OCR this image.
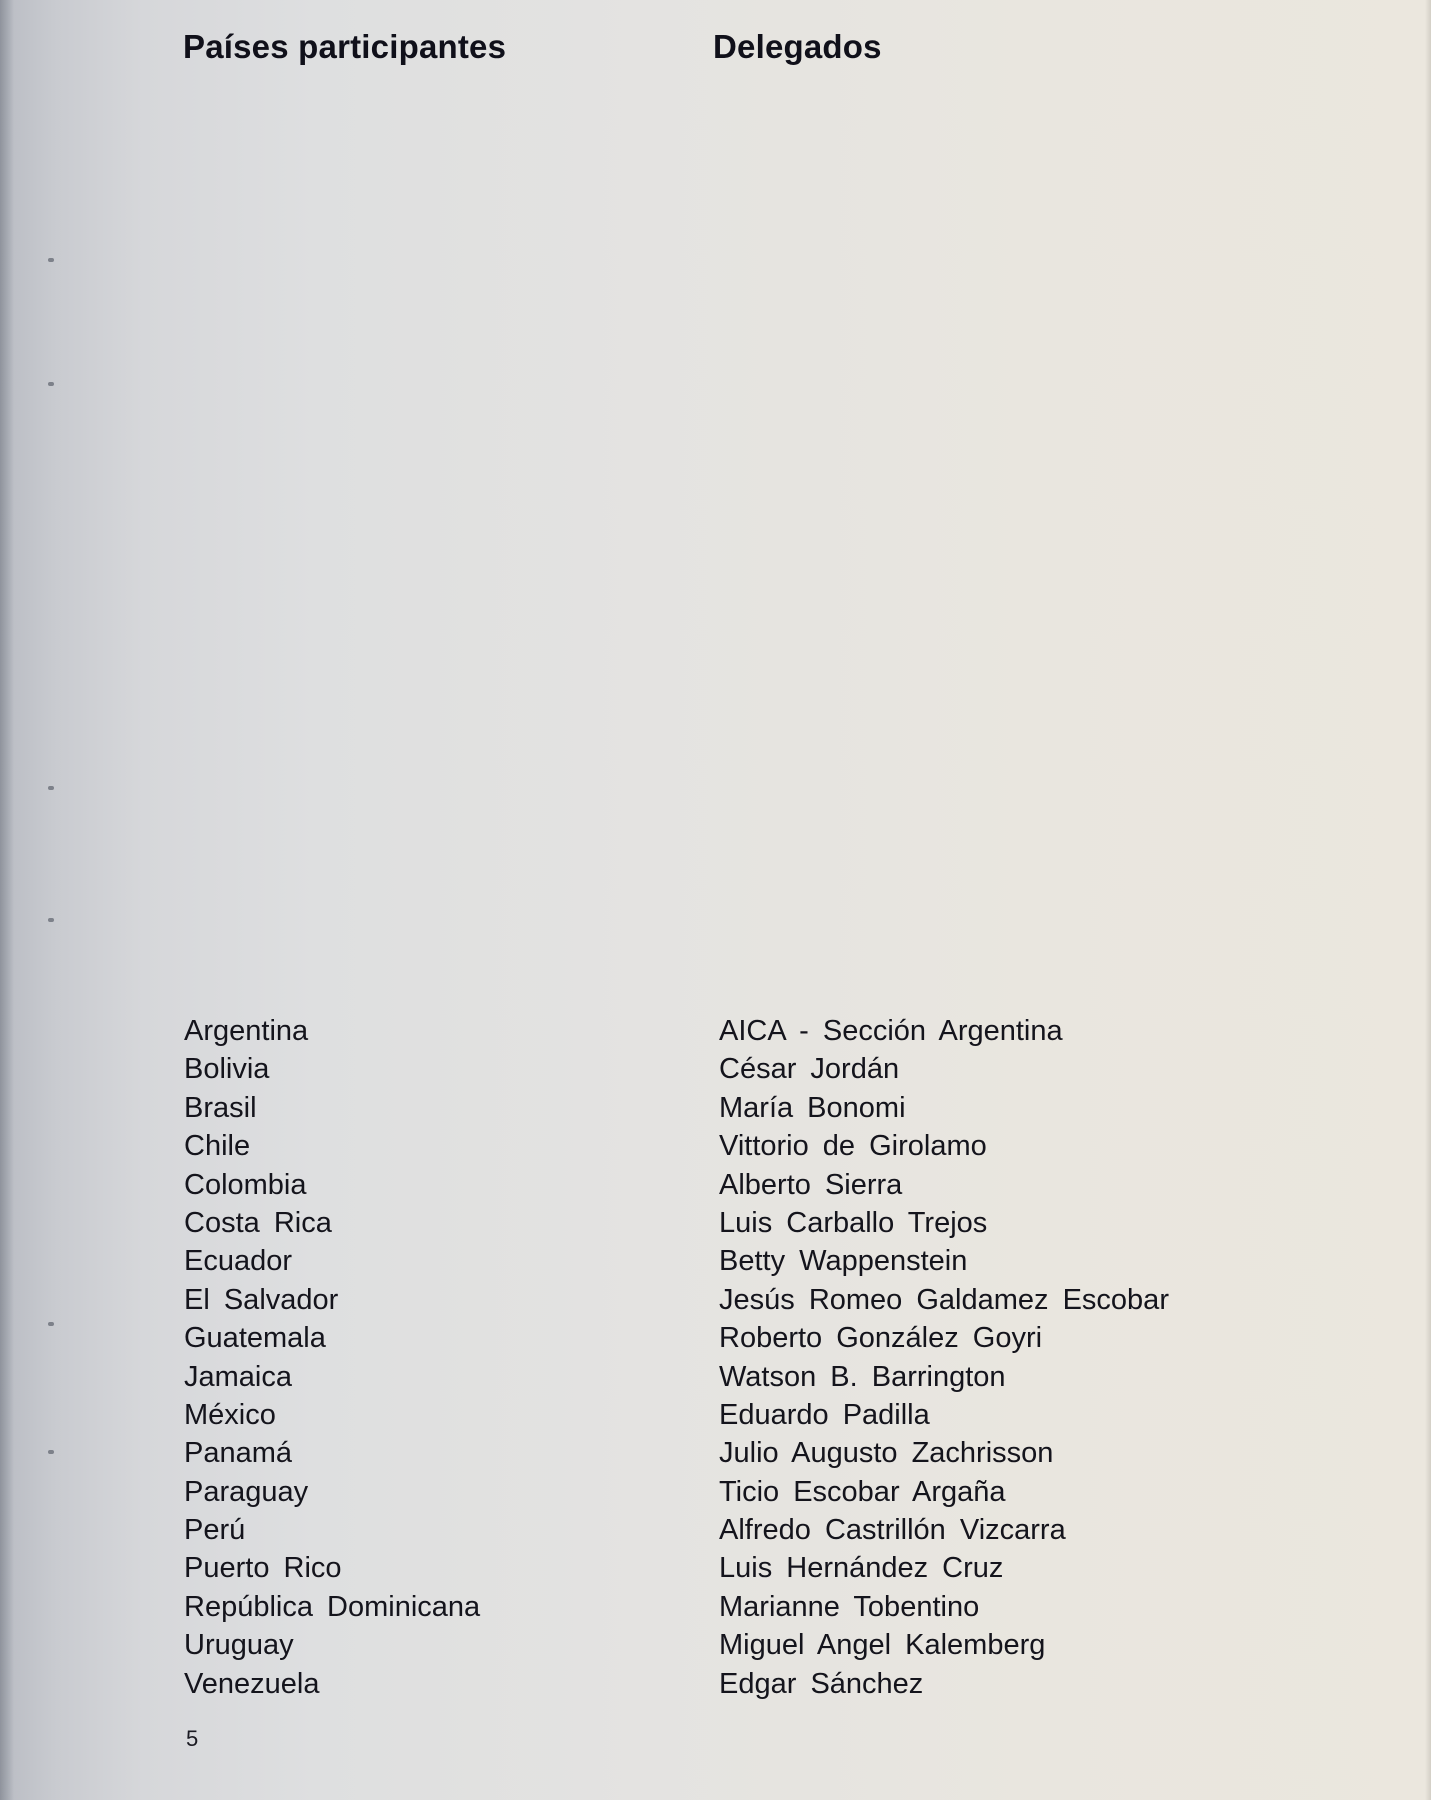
Países participantes	Delegados
Argentina
Bolivia
Brasil
Chile
Colombia
Costa Rica
Ecuador
El Salvador
Guatemala
Jamaica
México
Panamá
Paraguay
Perú
Puerto Rico
República Dominicana
Uruguay
Venezuela
AICA - Sección Argentina
César Jordán
María Bonomi
Vittorio de Girolamo
Alberto Sierra
Luis Carballo Trejos
Betty Wappenstein
Jesús Romeo Galdamez Escobar
Roberto González Goyri
Watson B. Barrington
Eduardo Padilla
Julio Augusto Zachrisson
Ticio Escobar Argaña
Alfredo Castrillón Vizcarra
Luis Hernández Cruz
Marianne Tobentino
Miguel Angel Kalemberg
Edgar Sánchez
5
